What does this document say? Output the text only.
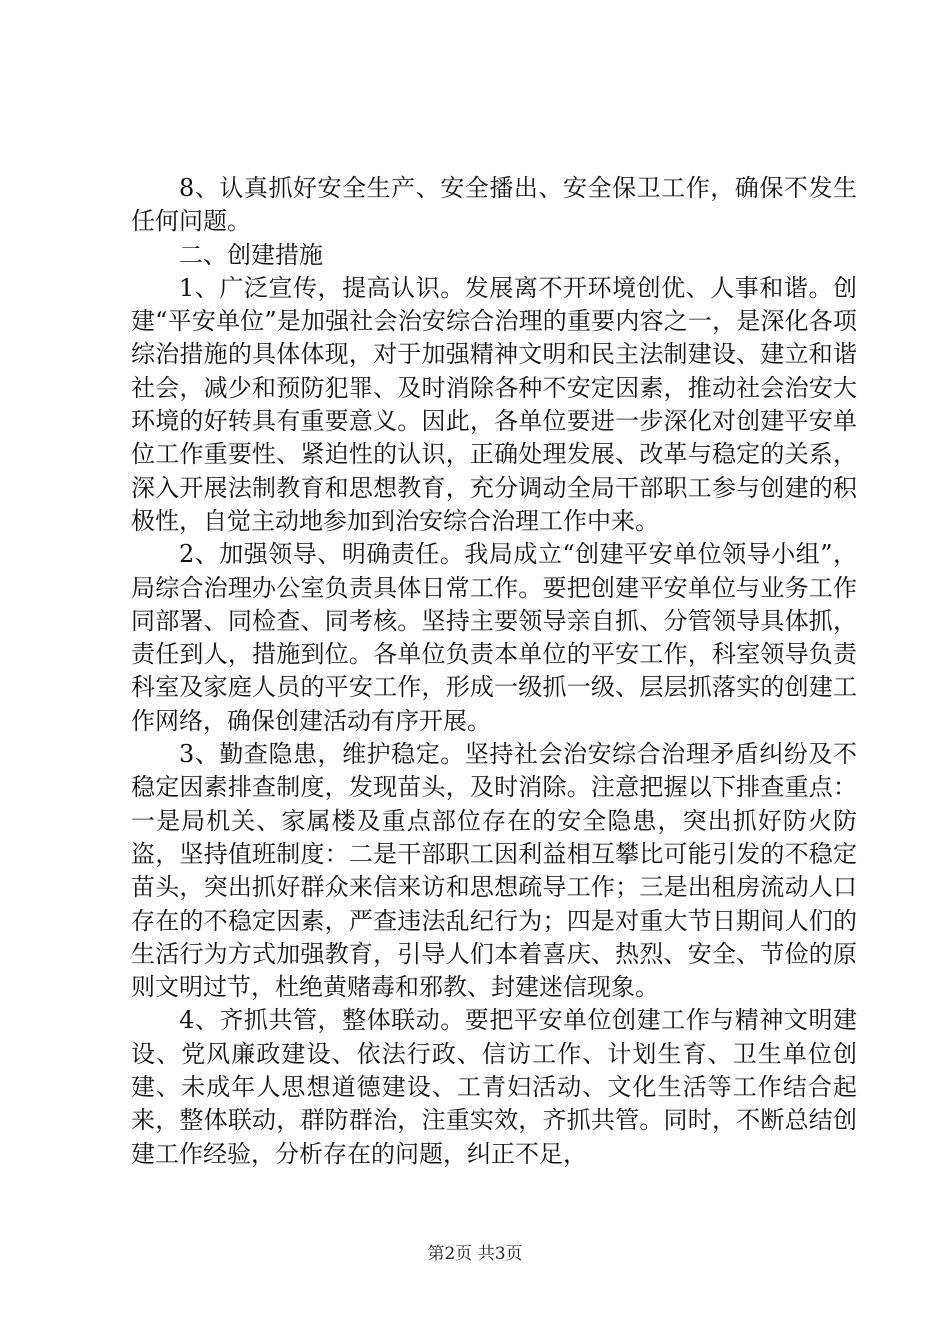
8、认真抓好安全生产、安全播出、安全保卫工作，确保不发生任何问题。

二、创建措施

1、广泛宣传，提高认识。发展离不开环境创优、人事和谐。创建“平安单位”是加强社会治安综合治理的重要内容之一，是深化各项综治措施的具体体现，对于加强精神文明和民主法制建设、建立和谐社会，减少和预防犯罪、及时消除各种不安定因素，推动社会治安大环境的好转具有重要意义。因此，各单位要进一步深化对创建平安单位工作重要性、紧迫性的认识，正确处理发展、改革与稳定的关系，深入开展法制教育和思想教育，充分调动全局干部职工参与创建的积极性，自觉主动地参加到治安综合治理工作中来。

2、加强领导、明确责任。我局成立“创建平安单位领导小组”，局综合治理办公室负责具体日常工作。要把创建平安单位与业务工作同部署、同检查、同考核。坚持主要领导亲自抓、分管领导具体抓，责任到人，措施到位。各单位负责本单位的平安工作，科室领导负责科室及家庭人员的平安工作，形成一级抓一级、层层抓落实的创建工作网络，确保创建活动有序开展。

3、勤查隐患，维护稳定。坚持社会治安综合治理矛盾纠纷及不稳定因素排查制度，发现苗头，及时消除。注意把握以下排查重点：一是局机关、家属楼及重点部位存在的安全隐患，突出抓好防火防盗，坚持值班制度：二是干部职工因利益相互攀比可能引发的不稳定苗头，突出抓好群众来信来访和思想疏导工作；三是出租房流动人口存在的不稳定因素，严查违法乱纪行为；四是对重大节日期间人们的生活行为方式加强教育，引导人们本着喜庆、热烈、安全、节俭的原则文明过节，杜绝黄赌毒和邪教、封建迷信现象。

4、齐抓共管，整体联动。要把平安单位创建工作与精神文明建设、党风廉政建设、依法行政、信访工作、计划生育、卫生单位创建、未成年人思想道德建设、工青妇活动、文化生活等工作结合起来，整体联动，群防群治，注重实效，齐抓共管。同时，不断总结创建工作经验，分析存在的问题，纠正不足，

第2页 共3页
